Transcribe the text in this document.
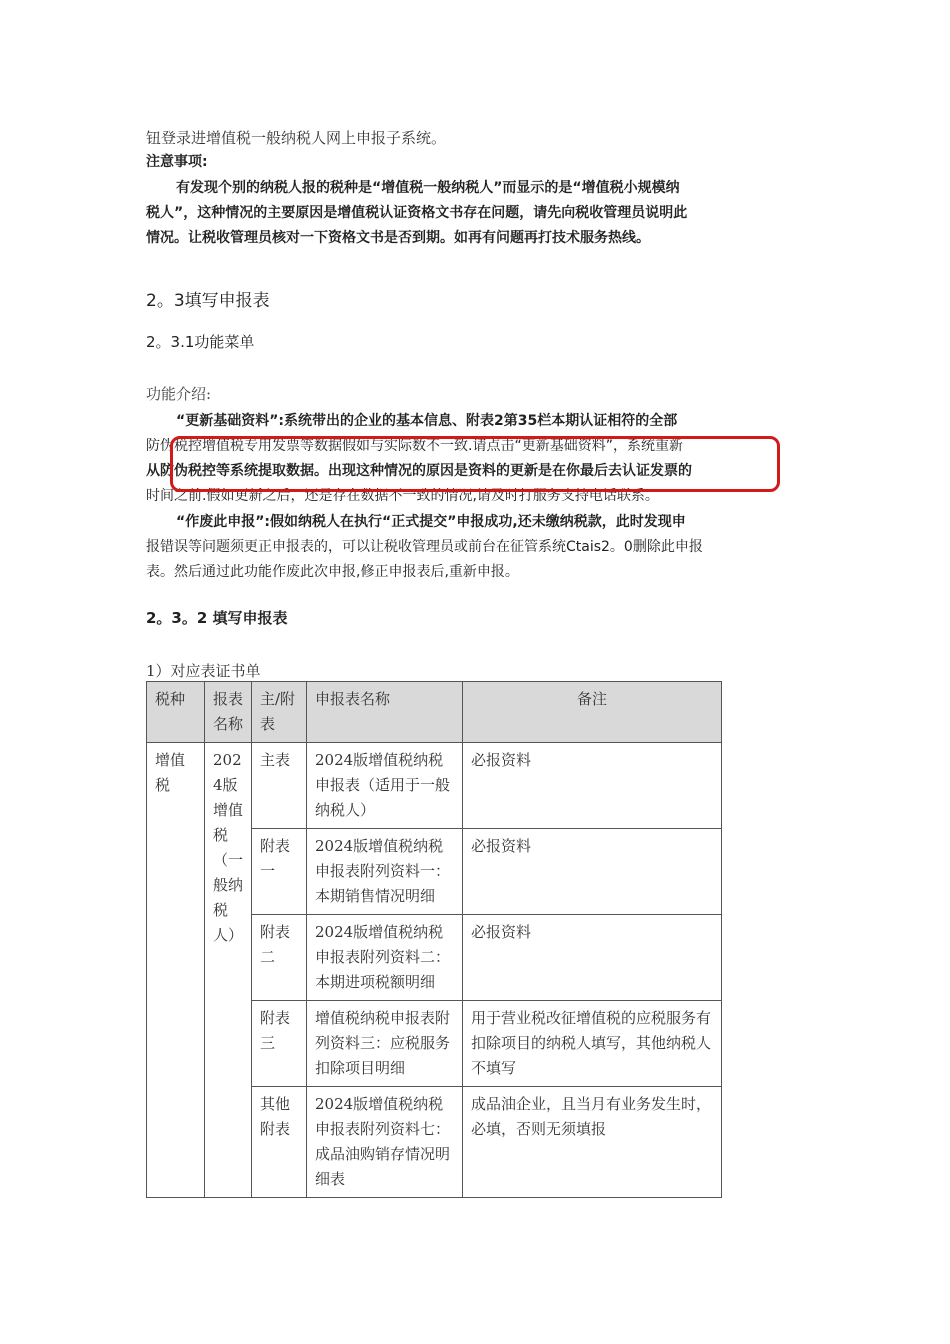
钮登录进增值税一般纳税人网上申报子系统。
注意事项:
有发现个别的纳税人报的税种是“增值税一般纳税人”而显示的是“增值税小规模纳
税人”，这种情况的主要原因是增值税认证资格文书存在问题，请先向税收管理员说明此
情况。让税收管理员核对一下资格文书是否到期。如再有问题再打技术服务热线。
2。3填写申报表
2。3.1功能菜单
功能介绍:
“更新基础资料”:系统带出的企业的基本信息、附表2第35栏本期认证相符的全部
防伪税控增值税专用发票等数据假如与实际数不一致.请点击“更新基础资料”，系统重新
从防伪税控等系统提取数据。出现这种情况的原因是资料的更新是在你最后去认证发票的
时间之前.假如更新之后，还是存在数据不一致的情况,请及时打服务支持电话联系。
“作废此申报”:假如纳税人在执行“正式提交”申报成功,还未缴纳税款，此时发现申
报错误等问题须更正申报表的，可以让税收管理员或前台在征管系统Ctais2。0删除此申报
表。然后通过此功能作废此次申报,修正申报表后,重新申报。
2。3。2 填写申报表
1）对应表证书单
税种	报表名称	主/附表	申报表名称	备注
增值税	2024版增值税（一般纳税人）	主表	2024版增值税纳税申报表（适用于一般纳税人）	必报资料
		附表一	2024版增值税纳税申报表附列资料一：本期销售情况明细	必报资料
		附表二	2024版增值税纳税申报表附列资料二：本期进项税额明细	必报资料
		附表三	增值税纳税申报表附列资料三：应税服务扣除项目明细	用于营业税改征增值税的应税服务有扣除项目的纳税人填写，其他纳税人不填写
		其他附表	2024版增值税纳税申报表附列资料七：成品油购销存情况明细表	成品油企业，且当月有业务发生时，必填，否则无须填报
